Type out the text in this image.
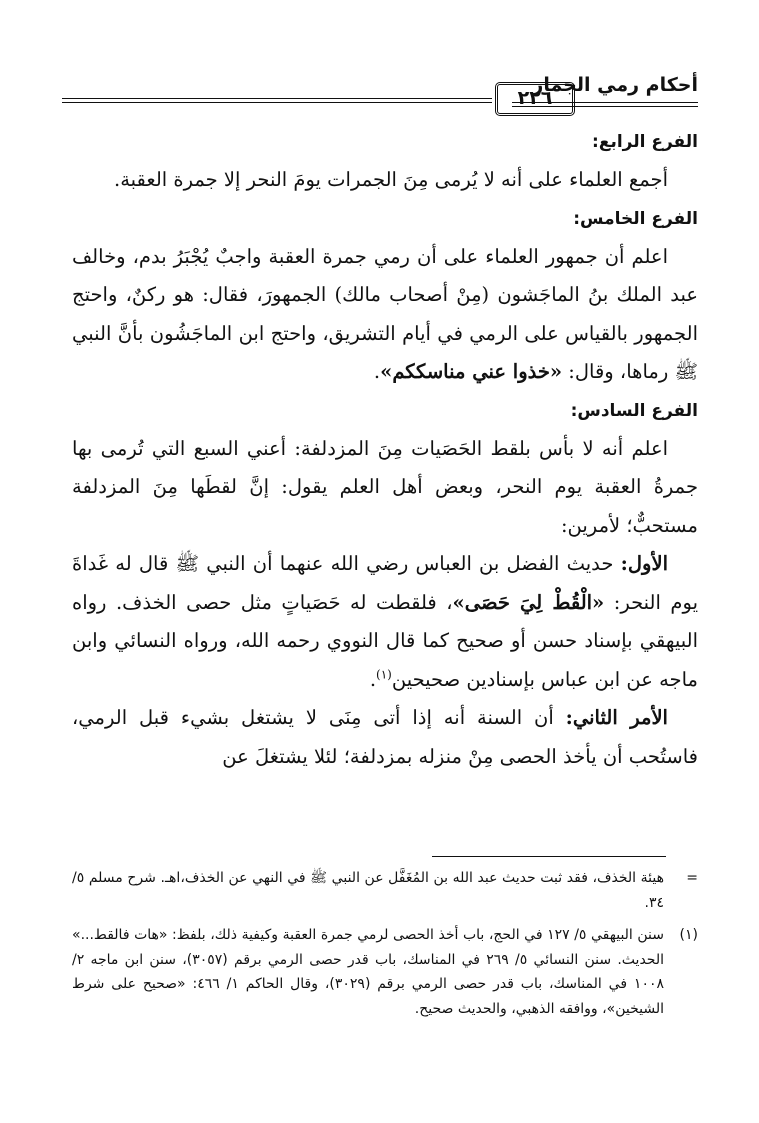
أحكام رمي الجمار
٢٢٦

الفرع الرابع:

أجمع العلماء على أنه لا يُرمى مِنَ الجمرات يومَ النحر إلا جمرة العقبة.

الفرع الخامس:

اعلم أن جمهور العلماء على أن رمي جمرة العقبة واجبٌ يُجْبَرُ بدم، وخالف عبد الملك بنُ الماجَشون (مِنْ أصحاب مالك) الجمهورَ، فقال: هو ركنٌ، واحتج الجمهور بالقياس على الرمي في أيام التشريق، واحتج ابن الماجَشُون بأنَّ النبي ﷺ رماها، وقال: «خذوا عني مناسككم».

الفرع السادس:

اعلم أنه لا بأس بلقط الحَصَيات مِنَ المزدلفة: أعني السبع التي تُرمى بها جمرةُ العقبة يوم النحر، وبعض أهل العلم يقول: إنَّ لقطَها مِنَ المزدلفة مستحبٌّ؛ لأمرين:

الأول: حديث الفضل بن العباس رضي الله عنهما أن النبي ﷺ قال له غَداةَ يوم النحر: «الْقُطْ لِيَ حَصَى»، فلقطت له حَصَياتٍ مثل حصى الخذف. رواه البيهقي بإسناد حسن أو صحيح كما قال النووي رحمه الله، ورواه النسائي وابن ماجه عن ابن عباس بإسنادين صحيحين$^{(١)}$.

الأمر الثاني: أن السنة أنه إذا أتى مِنَى لا يشتغل بشيء قبل الرمي، فاستُحب أن يأخذ الحصى مِنْ منزله بمزدلفة؛ لئلا يشتغلَ عن

=
هيئة الخذف، فقد ثبت حديث عبد الله بن المُغَفَّل عن النبي ﷺ في النهي عن الخذف،اهـ. شرح مسلم ٥/ ٣٤.
(١)
سنن البيهقي ٥/ ١٢٧ في الحج، باب أخذ الحصى لرمي جمرة العقبة وكيفية ذلك، بلفظ: «هات فالقط...» الحديث. سنن النسائي ٥/ ٢٦٩ في المناسك، باب قدر حصى الرمي برقم (٣٠٥٧)، سنن ابن ماجه ٢/ ١٠٠٨ في المناسك، باب قدر حصى الرمي برقم (٣٠٢٩)، وقال الحاكم ١/ ٤٦٦: «صحيح على شرط الشيخين»، ووافقه الذهبي، والحديث صحيح.
